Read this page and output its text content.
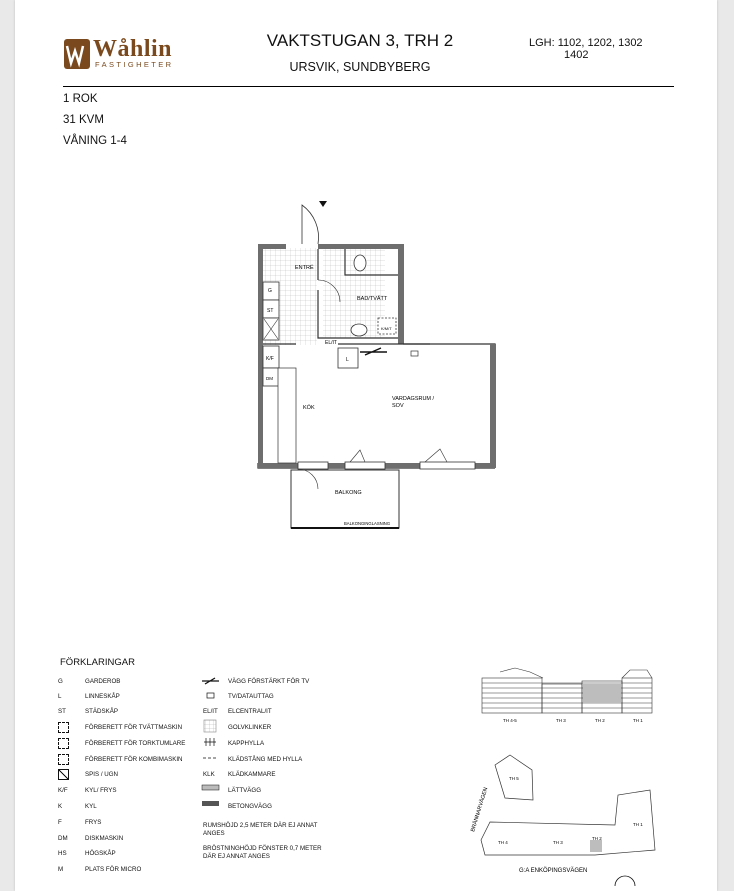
Wåhlin
FASTIGHETER
VAKTSTUGAN 3, TRH 2
URSVIK, SUNDBYBERG
LGH: 1102, 1202, 1302
1402
1 ROK
31 KVM
VÅNING 1-4
ENTRÉ
BAD/TVÄTT
KÖK
G
ST
K/F
DM
EL/IT
L
K/M/T
VARDAGSRUM /
SOV
BALKONG
BALKONGINGLASNING
FÖRKLARINGAR
G	GARDEROB
L	LINNESKÅP
ST	STÄDSKÅP
FÖRBERETT FÖR TVÄTTMASKIN
FÖRBERETT FÖR TORKTUMLARE
FÖRBERETT FÖR KOMBIMASKIN
SPIS / UGN
K/F	KYL/ FRYS
K	KYL
F	FRYS
DM	DISKMASKIN
HS	HÖGSKÅP
M	PLATS FÖR MICRO
VÄGG FÖRSTÄRKT FÖR TV
TV/DATAUTTAG
EL/IT ELCENTRAL/IT
GOLVKLINKER
KAPPHYLLA
KLÄDSTÅNG MED HYLLA
KLK KLÄDKAMMARE
LÄTTVÄGG
BETONGVÄGG
RUMSHÖJD 2,5 METER DÄR EJ ANNAT
ANGES
BRÖSTNINGHÖJD FÖNSTER 0,7 METER
DÄR EJ ANNAT ANGES
TH 4-5	TH 3	TH 2	TH 1
TH 5
TH 4	TH 3
TH 2
TH 1
BRÄNNARVÄGEN
G:A ENKÖPINGSVÄGEN
